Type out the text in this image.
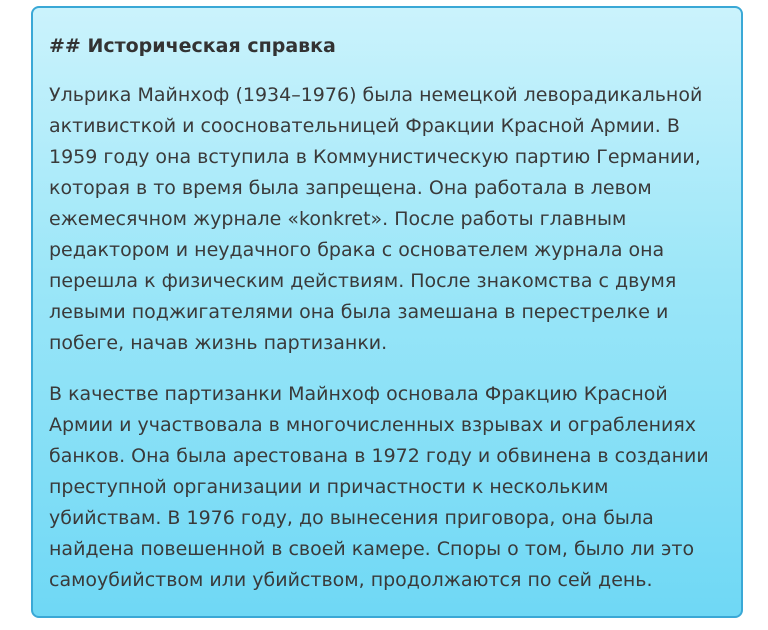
## Историческая справка

Ульрика Майнхоф (1934–1976) была немецкой леворадикальной активисткой и соосновательницей Фракции Красной Армии. В 1959 году она вступила в Коммунистическую партию Германии, которая в то время была запрещена. Она работала в левом ежемесячном журнале «konkret». После работы главным редактором и неудачного брака с основателем журнала она перешла к физическим действиям. После знакомства с двумя левыми поджигателями она была замешана в перестрелке и побеге, начав жизнь партизанки.

В качестве партизанки Майнхоф основала Фракцию Красной Армии и участвовала в многочисленных взрывах и ограблениях банков. Она была арестована в 1972 году и обвинена в создании преступной организации и причастности к нескольким убийствам. В 1976 году, до вынесения приговора, она была найдена повешенной в своей камере. Споры о том, было ли это самоубийством или убийством, продолжаются по сей день.
